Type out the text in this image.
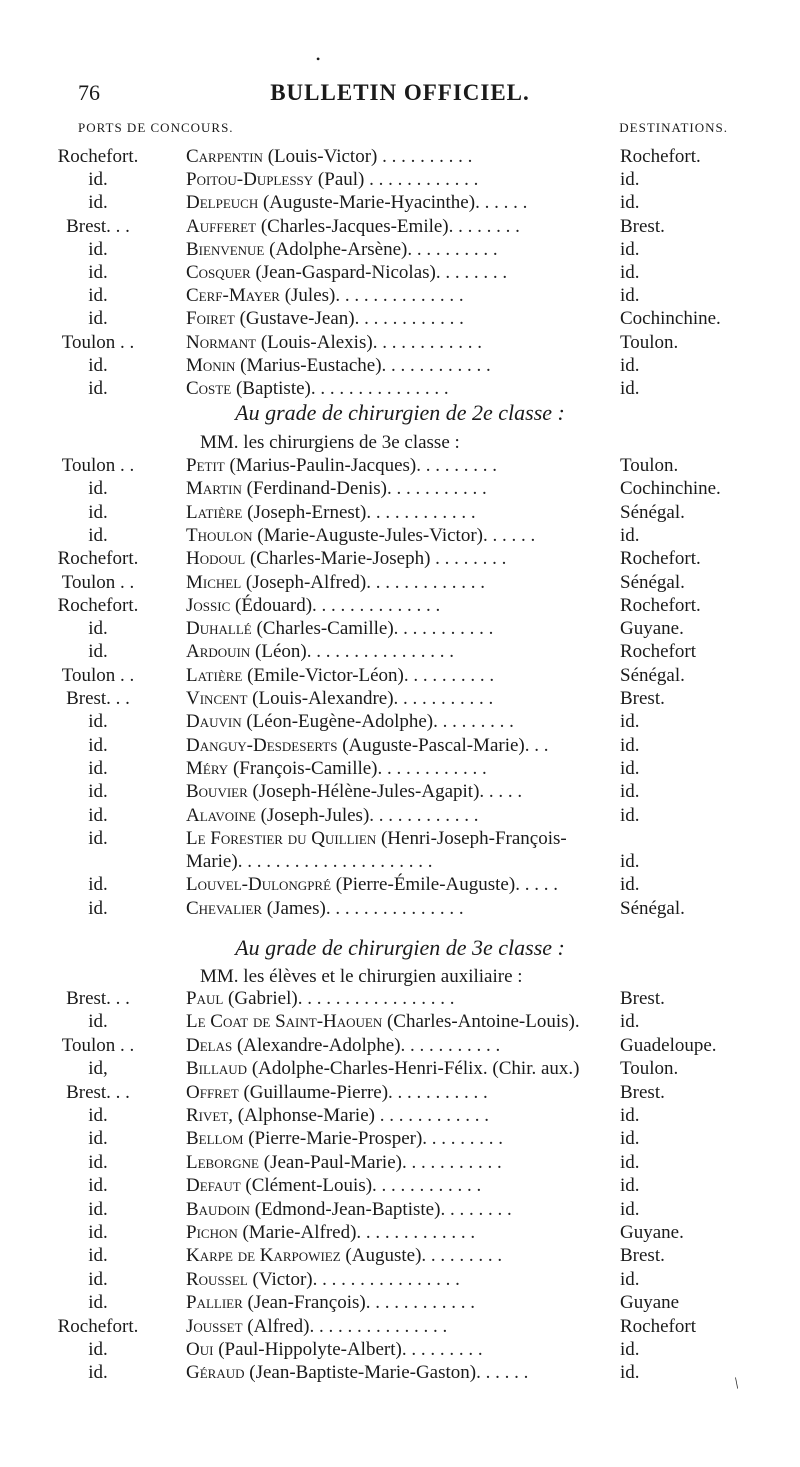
•
76	BULLETIN OFFICIEL.
PORTS DE CONCOURS.	DESTINATIONS.
Rochefort.	Carpentin (Louis-Victor) . . . . . . . . . .	Rochefort.
id.	Poitou-Duplessy (Paul) . . . . . . . . . . . .	id.
id.	Delpeuch (Auguste-Marie-Hyacinthe). . . . . .	id.
Brest. . .	Aufferet (Charles-Jacques-Emile). . . . . . . .	Brest.
id.	Bienvenue (Adolphe-Arsène). . . . . . . . . .	id.
id.	Cosquer (Jean-Gaspard-Nicolas). . . . . . . .	id.
id.	Cerf-Mayer (Jules). . . . . . . . . . . . . .	id.
id.	Foiret (Gustave-Jean). . . . . . . . . . . .	Cochinchine.
Toulon . .	Normant (Louis-Alexis). . . . . . . . . . . .	Toulon.
id.	Monin (Marius-Eustache). . . . . . . . . . . .	id.
id.	Coste (Baptiste). . . . . . . . . . . . . . .	id.
Au grade de chirurgien de 2e classe :
MM. les chirurgiens de 3e classe :
Toulon . .	Petit (Marius-Paulin-Jacques). . . . . . . . .	Toulon.
id.	Martin (Ferdinand-Denis). . . . . . . . . . .	Cochinchine.
id.	Latière (Joseph-Ernest). . . . . . . . . . . .	Sénégal.
id.	Thoulon (Marie-Auguste-Jules-Victor). . . . . .	id.
Rochefort.	Hodoul (Charles-Marie-Joseph) . . . . . . . .	Rochefort.
Toulon . .	Michel (Joseph-Alfred). . . . . . . . . . . . .	Sénégal.
Rochefort.	Jossic (Édouard). . . . . . . . . . . . . .	Rochefort.
id.	Duhallé (Charles-Camille). . . . . . . . . . .	Guyane.
id.	Ardouin (Léon). . . . . . . . . . . . . . . .	Rochefort
Toulon . .	Latière (Emile-Victor-Léon). . . . . . . . . .	Sénégal.
Brest. . .	Vincent (Louis-Alexandre). . . . . . . . . . .	Brest.
id.	Dauvin (Léon-Eugène-Adolphe). . . . . . . . .	id.
id.	Danguy-Desdeserts (Auguste-Pascal-Marie). . .	id.
id.	Méry (François-Camille). . . . . . . . . . . .	id.
id.	Bouvier (Joseph-Hélène-Jules-Agapit). . . . .	id.
id.	Alavoine (Joseph-Jules). . . . . . . . . . . .	id.
id.	Le Forestier du Quillien (Henri-Joseph-François-
Marie). . . . . . . . . . . . . . . . . . . . .	id.
id.	Louvel-Dulongpré (Pierre-Émile-Auguste). . . . .	id.
id.	Chevalier (James). . . . . . . . . . . . . . .	Sénégal.
Au grade de chirurgien de 3e classe :
MM. les élèves et le chirurgien auxiliaire :
Brest. . .	Paul (Gabriel). . . . . . . . . . . . . . . . .	Brest.
id.	Le Coat de Saint-Haouen (Charles-Antoine-Louis).	id.
Toulon . .	Delas (Alexandre-Adolphe). . . . . . . . . . .	Guadeloupe.
id,	Billaud (Adolphe-Charles-Henri-Félix. (Chir. aux.)	Toulon.
Brest. . .	Offret (Guillaume-Pierre). . . . . . . . . . .	Brest.
id.	Rivet, (Alphonse-Marie) . . . . . . . . . . . .	id.
id.	Bellom (Pierre-Marie-Prosper). . . . . . . . .	id.
id.	Leborgne (Jean-Paul-Marie). . . . . . . . . . .	id.
id.	Defaut (Clément-Louis). . . . . . . . . . . .	id.
id.	Baudoin (Edmond-Jean-Baptiste). . . . . . . .	id.
id.	Pichon (Marie-Alfred). . . . . . . . . . . . .	Guyane.
id.	Karpe de Karpowiez (Auguste). . . . . . . . .	Brest.
id.	Roussel (Victor). . . . . . . . . . . . . . . .	id.
id.	Pallier (Jean-François). . . . . . . . . . . .	Guyane
Rochefort.	Jousset (Alfred). . . . . . . . . . . . . . .	Rochefort
id.	Oui (Paul-Hippolyte-Albert). . . . . . . . .	id.
id.	Géraud (Jean-Baptiste-Marie-Gaston). . . . . .	id.
/
